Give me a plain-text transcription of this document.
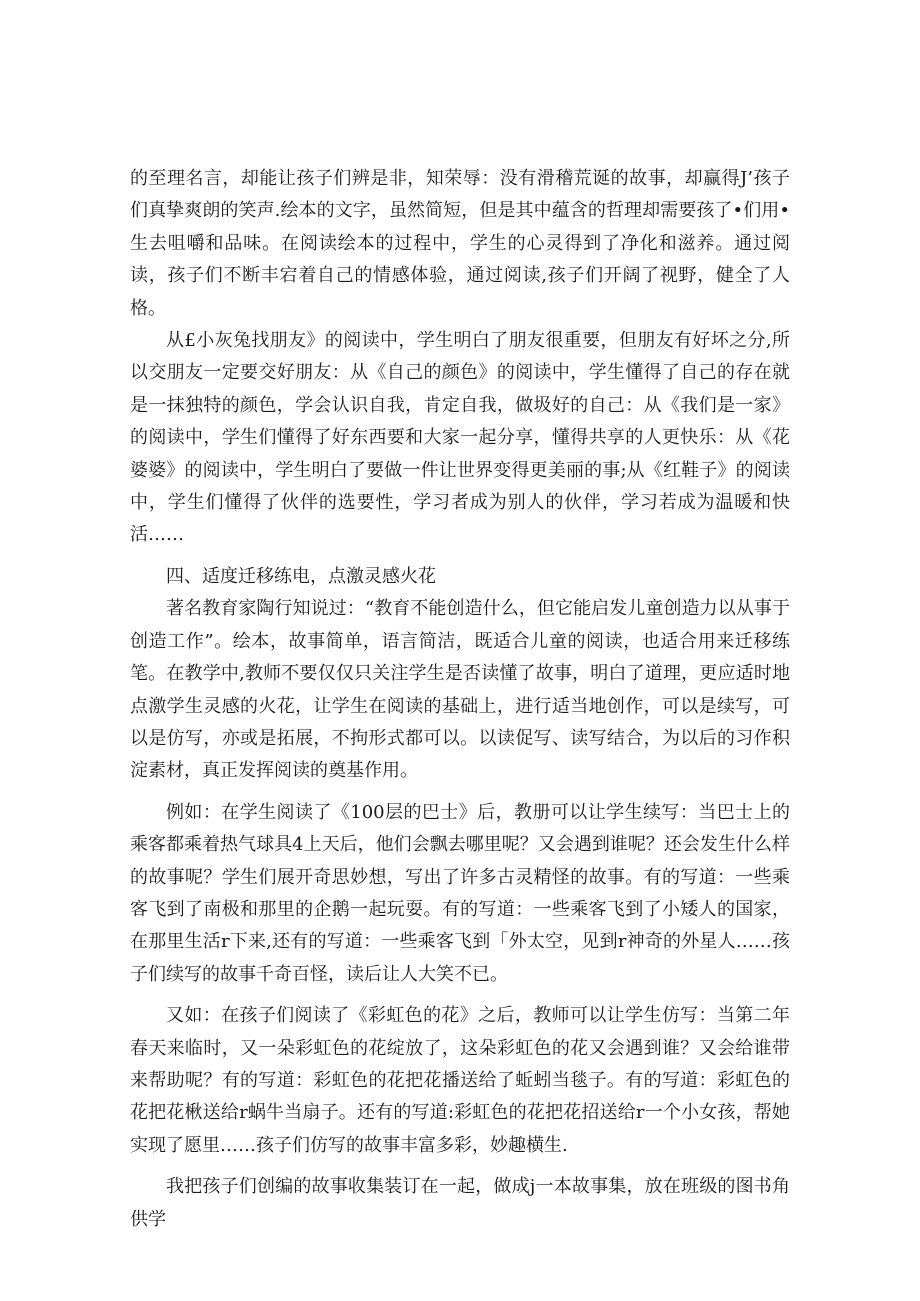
的至理名言，却能让孩子们辨是非，知荣辱：没有滑稽荒诞的故事，却赢得J’孩子们真挚爽朗的笑声.绘本的文字，虽然简短，但是其中蕴含的哲理却需要孩了•们用•生去咀嚼和品味。在阅读绘本的过程中，学生的心灵得到了净化和滋养。通过阅读，孩子们不断丰宕着自己的情感体验，通过阅读,孩子们开阔了视野，健全了人格。

从£小灰兔找朋友》的阅读中，学生明白了朋友很重要，但朋友有好坏之分,所以交朋友一定要交好朋友：从《自己的颜色》的阅读中，学生懂得了自己的存在就是一抹独特的颜色，学会认识自我，肯定自我，做圾好的自己：从《我们是一家》的阅读中，学生们懂得了好东西要和大家一起分享，懂得共享的人更快乐：从《花婆婆》的阅读中，学生明白了要做一件让世界变得更美丽的事;从《红鞋子》的阅读中，学生们懂得了伙伴的选要性，学习者成为别人的伙伴，学习若成为温暖和快活……

四、适度迁移练电，点激灵感火花

著名教育家陶行知说过：“教育不能创造什么，但它能启发儿童创造力以从事于创造工作”。绘本，故事简单，语言简洁，既适合儿童的阅读，也适合用来迁移练笔。在教学中,教师不要仅仅只关注学生是否读懂了故事，明白了道理，更应适时地点激学生灵感的火花，让学生在阅读的基础上，进行适当地创作，可以是续写，可以是仿写，亦或是拓展，不拘形式都可以。以读促写、读写结合，为以后的习作积淀素材，真正发挥阅读的奠基作用。

例如：在学生阅读了《100层的巴士》后，教册可以让学生续写：当巴士上的乘客都乘着热气球具4上天后，他们会飘去哪里呢？又会遇到谁呢？还会发生什么样的故事呢？学生们展开奇思妙想，写出了许多古灵精怪的故事。有的写道：一些乘客飞到了南极和那里的企鹅一起玩耍。有的写道：一些乘客飞到了小矮人的国家，在那里生活r下来,还有的写道：一些乘客飞到「外太空，见到r神奇的外星人……孩子们续写的故事千奇百怪，读后让人大笑不已。

又如：在孩子们阅读了《彩虹色的花》之后，教师可以让学生仿写：当第二年春天来临时，又一朵彩虹色的花绽放了，这朵彩虹色的花又会遇到谁？又会给谁带来帮助呢？有的写道：彩虹色的花把花播送给了蚯蚓当毯子。有的写道：彩虹色的花把花楸送给r蜗牛当扇子。还有的写道:彩虹色的花把花招送给r一个小女孩，帮她实现了愿里……孩子们仿写的故事丰富多彩，妙趣横生.

我把孩子们创编的故事收集装订在一起，做成j一本故事集，放在班级的图书角供学
